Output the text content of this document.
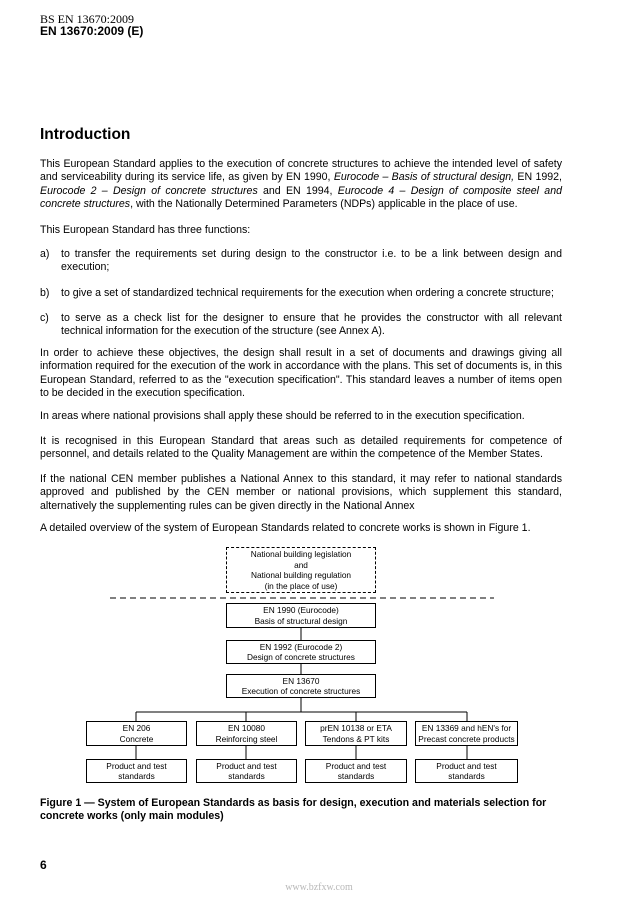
BS EN 13670:2009
EN 13670:2009 (E)
Introduction
This European Standard applies to the execution of concrete structures to achieve the intended level of safety and serviceability during its service life, as given by EN 1990, Eurocode – Basis of structural design, EN 1992, Eurocode 2 – Design of concrete structures and EN 1994, Eurocode 4 – Design of composite steel and concrete structures, with the Nationally Determined Parameters (NDPs) applicable in the place of use.
This European Standard has three functions:
a) to transfer the requirements set during design to the constructor i.e. to be a link between design and execution;
b) to give a set of standardized technical requirements for the execution when ordering a concrete structure;
c) to serve as a check list for the designer to ensure that he provides the constructor with all relevant technical information for the execution of the structure (see Annex A).
In order to achieve these objectives, the design shall result in a set of documents and drawings giving all information required for the execution of the work in accordance with the plans. This set of documents is, in this European Standard, referred to as the "execution specification". This standard leaves a number of items open to be decided in the execution specification.
In areas where national provisions shall apply these should be referred to in the execution specification.
It is recognised in this European Standard that areas such as detailed requirements for competence of personnel, and details related to the Quality Management are within the competence of the Member States.
If the national CEN member publishes a National Annex to this standard, it may refer to national standards approved and published by the CEN member or national provisions, which supplement this standard, alternatively the supplementing rules can be given directly in the National Annex
A detailed overview of the system of European Standards related to concrete works is shown in Figure 1.
National building legislation
and
National building regulation
(in the place of use)
EN 1990 (Eurocode)
Basis of structural design
EN 1992 (Eurocode 2)
Design of concrete structures
EN 13670
Execution of concrete structures
EN 206
Concrete
EN 10080
Reinforcing steel
prEN 10138 or ETA
Tendons & PT kits
EN 13369 and hEN's for
Precast concrete products
Product and test
standards
Product and test
standards
Product and test
standards
Product and test
standards
Figure 1 — System of European Standards as basis for design, execution and materials selection for concrete works (only main modules)
6
www.bzfxw.com
